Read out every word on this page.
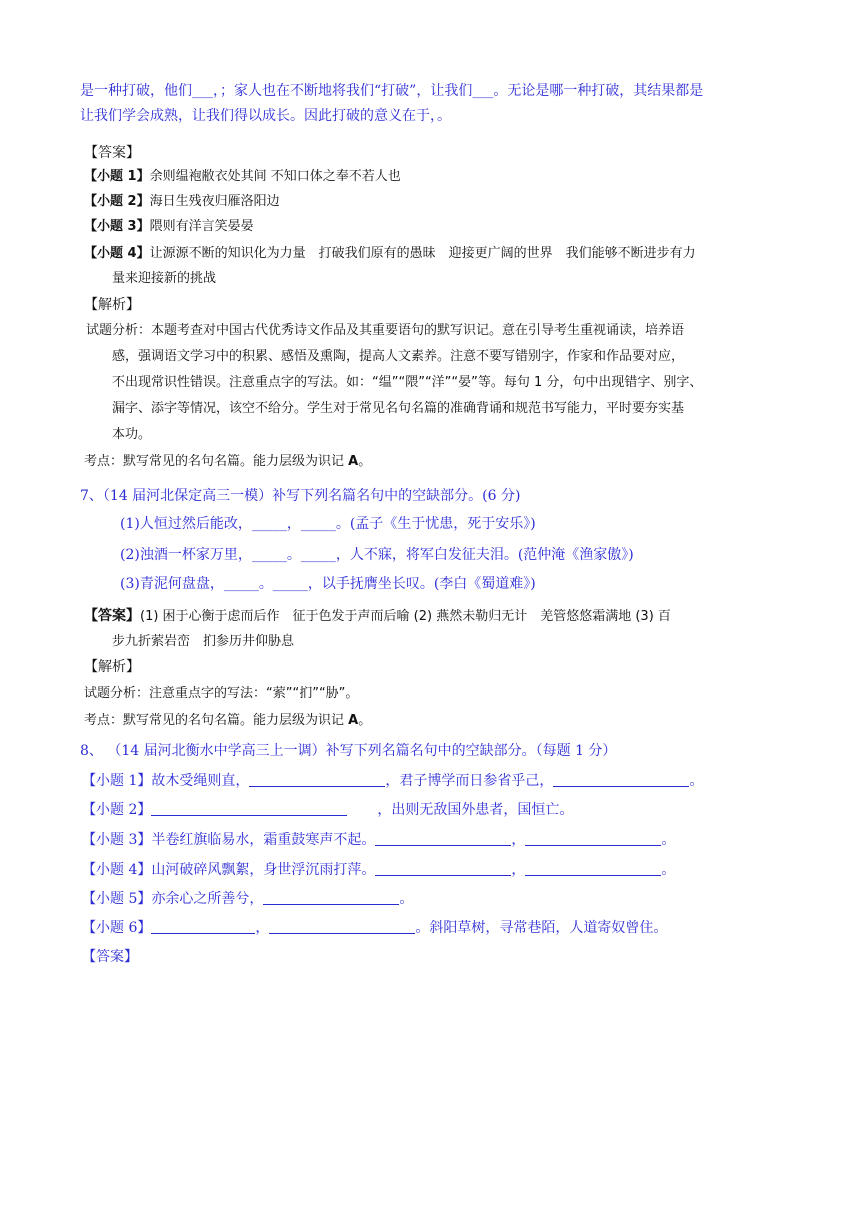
是一种打破，他们___，；家人也在不断地将我们“打破”，让我们___。无论是哪一种打破，其结果都是
让我们学会成熟，让我们得以成长。因此打破的意义在于，。
【答案】
【小题 1】余则缊袍敝衣处其间 不知口体之奉不若人也
【小题 2】海日生残夜归雁洛阳边
【小题 3】隈则有洋言笑晏晏
【小题 4】让源源不断的知识化为力量　打破我们原有的愚昧　迎接更广阔的世界　我们能够不断进步有力
量来迎接新的挑战
【解析】
试题分析：本题考查对中国古代优秀诗文作品及其重要语句的默写识记。意在引导考生重视诵读，培养语
感，强调语文学习中的积累、感悟及熏陶，提高人文素养。注意不要写错别字，作家和作品要对应，
不出现常识性错误。注意重点字的写法。如：“缊”“隈”“洋”“晏”等。每句 1 分，句中出现错字、别字、
漏字、添字等情况，该空不给分。学生对于常见名句名篇的准确背诵和规范书写能力，平时要夯实基
本功。
考点：默写常见的名句名篇。能力层级为识记 A。
7、（14 届河北保定高三一模）补写下列名篇名句中的空缺部分。(6 分)
(1)人恒过然后能改，_____，_____。(孟子《生于忧患，死于安乐》)
(2)浊酒一杯家万里，_____。_____，人不寐，将军白发征夫泪。(范仲淹《渔家傲》)
(3)青泥何盘盘，_____。_____，以手抚膺坐长叹。(李白《蜀道难》)
【答案】(1) 困于心衡于虑而后作　征于色发于声而后喻 (2) 燕然未勒归无计　羌管悠悠霜满地 (3) 百
步九折萦岩峦　扪参历井仰胁息
【解析】
试题分析：注意重点字的写法：“萦”“扪”“胁”。
考点：默写常见的名句名篇。能力层级为识记 A。
8、 （14 届河北衡水中学高三上一调）补写下列名篇名句中的空缺部分。（每题 1 分）
【小题 1】故木受绳则直，	，君子博学而日参省乎己，	。
【小题 2】	，出则无敌国外患者，国恒亡。
【小题 3】半卷红旗临易水，霜重鼓寒声不起。	，	。
【小题 4】山河破碎风飘絮，身世浮沉雨打萍。	，	。
【小题 5】亦余心之所善兮，	。
【小题 6】	，	。斜阳草树，寻常巷陌，人道寄奴曾住。
【答案】
